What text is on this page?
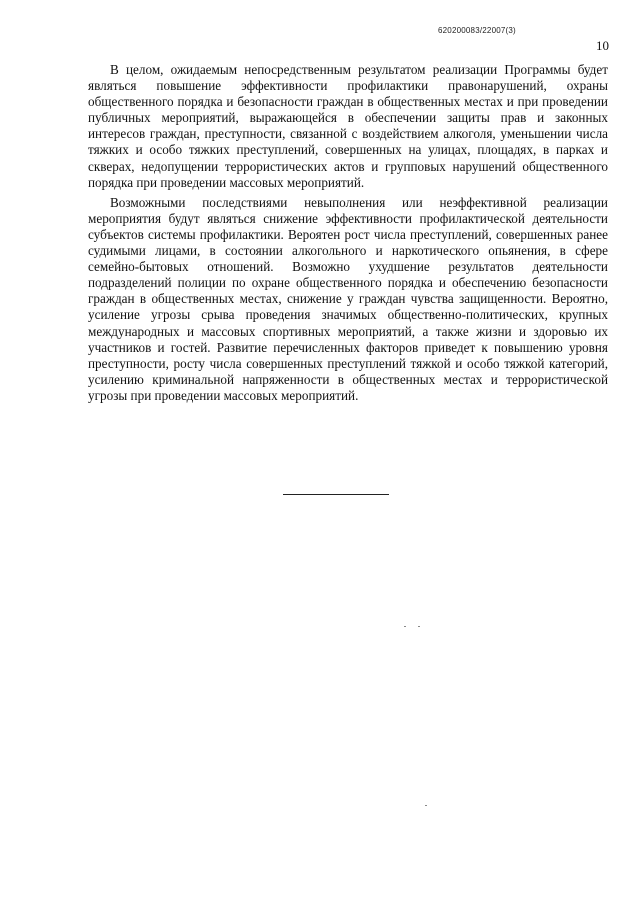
620200083/22007(3)
10

В целом, ожидаемым непосредственным результатом реализации Программы будет являться повышение эффективности профилактики правонарушений, охраны общественного порядка и безопасности граждан в общественных местах и при проведении публичных мероприятий, выражающейся в обеспечении защиты прав и законных интересов граждан, преступности, связанной с воздействием алкоголя, уменьшении числа тяжких и особо тяжких преступлений, совершенных на улицах, площадях, в парках и скверах, недопущении террористических актов и групповых нарушений общественного порядка при проведении массовых мероприятий.

Возможными последствиями невыполнения или неэффективной реализации мероприятия будут являться снижение эффективности профилактической деятельности субъектов системы профилактики. Вероятен рост числа преступлений, совершенных ранее судимыми лицами, в состоянии алкогольного и наркотического опьянения, в сфере семейно-бытовых отношений. Возможно ухудшение результатов деятельности подразделений полиции по охране общественного порядка и обеспечению безопасности граждан в общественных местах, снижение у граждан чувства защищенности. Вероятно, усиление угрозы срыва проведения значимых общественно-политических, крупных международных и массовых спортивных мероприятий, а также жизни и здоровью их участников и гостей. Развитие перечисленных факторов приведет к повышению уровня преступности, росту числа совершенных преступлений тяжкой и особо тяжкой категорий, усилению криминальной напряженности в общественных местах и террористической угрозы при проведении массовых мероприятий.
